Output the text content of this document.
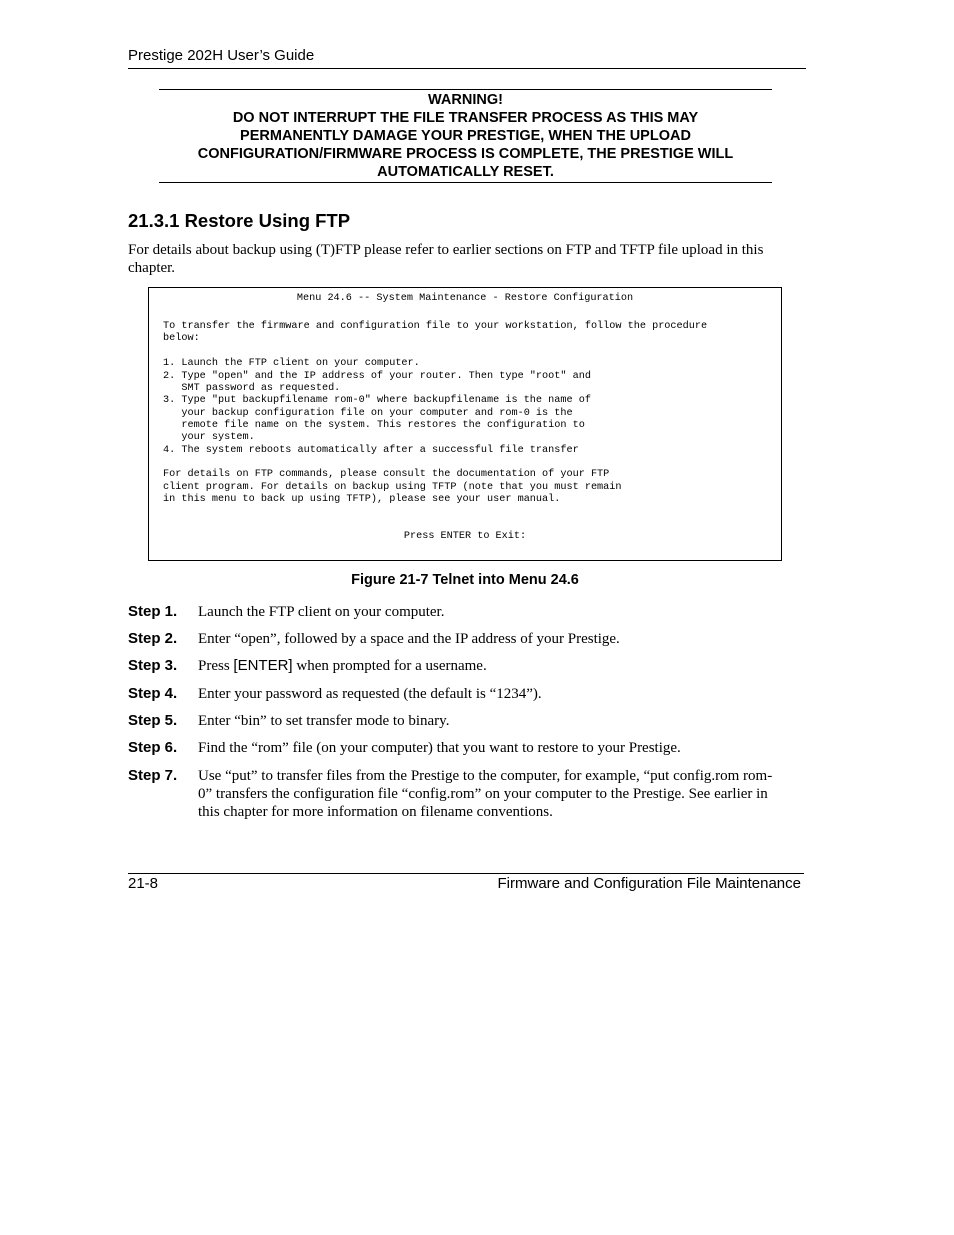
Prestige 202H User’s Guide
WARNING!
DO NOT INTERRUPT THE FILE TRANSFER PROCESS AS THIS MAY
PERMANENTLY DAMAGE YOUR PRESTIGE, WHEN THE UPLOAD
CONFIGURATION/FIRMWARE PROCESS IS COMPLETE, THE PRESTIGE WILL
AUTOMATICALLY RESET.
21.3.1 Restore Using FTP
For details about backup using (T)FTP please refer to earlier sections on FTP and TFTP file upload in this
chapter.
Menu 24.6 -- System Maintenance - Restore Configuration
To transfer the firmware and configuration file to your workstation, follow the procedure
below:
1. Launch the FTP client on your computer.
2. Type "open" and the IP address of your router. Then type "root" and
SMT password as requested.
3. Type "put backupfilename rom-0" where backupfilename is the name of
your backup configuration file on your computer and rom-0 is the
remote file name on the system. This restores the configuration to
your system.
4. The system reboots automatically after a successful file transfer
For details on FTP commands, please consult the documentation of your FTP
client program. For details on backup using TFTP (note that you must remain
in this menu to back up using TFTP), please see your user manual.
Press ENTER to Exit:
Figure 21-7 Telnet into Menu 24.6
Step 1. Launch the FTP client on your computer.
Step 2. Enter “open”, followed by a space and the IP address of your Prestige.
Step 3. Press [ENTER] when prompted for a username.
Step 4. Enter your password as requested (the default is “1234”).
Step 5. Enter “bin” to set transfer mode to binary.
Step 6. Find the “rom” file (on your computer) that you want to restore to your Prestige.
Step 7. Use “put” to transfer files from the Prestige to the computer, for example, “put config.rom rom-
0” transfers the configuration file “config.rom” on your computer to the Prestige. See earlier in
this chapter for more information on filename conventions.
21-8	Firmware and Configuration File Maintenance
